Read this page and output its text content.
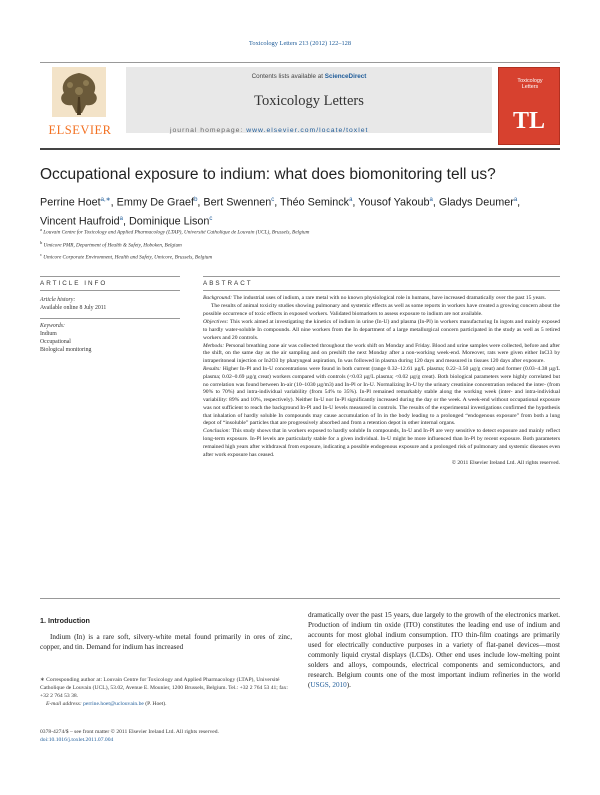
Toxicology Letters 213 (2012) 122–128
ELSEVIER
Contents lists available at ScienceDirect
Toxicology Letters
journal homepage: www.elsevier.com/locate/toxlet
Toxicology
Letters
TL
Occupational exposure to indium: what does biomonitoring tell us?
Perrine Hoet$^{a,∗}$, Emmy De Graef$^b$, Bert Swennen$^c$, Théo Seminck$^a$, Yousof Yakoub$^a$, Gladys Deumer$^a$,
Vincent Haufroid$^a$, Dominique Lison$^c$
$^a$ Louvain Centre for Toxicology and Applied Pharmacology (LTAP), Université Catholique de Louvain (UCL), Brussels, Belgium
$^b$ Umicore PMR, Department of Health & Safety, Hoboken, Belgium
$^c$ Umicore Corporate Environment, Health and Safety, Umicore, Brussels, Belgium
ARTICLE INFO	ABSTRACT
Article history:
Available online 8 July 2011
Keywords:
Indium
Occupational
Biological monitoring

Background: The industrial uses of indium, a rare metal with no known physiological role in humans, have increased dramatically over the past 15 years.

The results of animal toxicity studies showing pulmonary and systemic effects as well as some reports in workers have created a growing concern about the possible occurrence of toxic effects in exposed workers. Validated biomarkers to assess exposure to indium are not available.

Objectives: This work aimed at investigating the kinetics of indium in urine (In-U) and plasma (In-Pl) in workers manufacturing In ingots and mainly exposed to hardly water-soluble In compounds. All nine workers from the In department of a large metallurgical concern participated in the study as well as 5 retired workers and 20 controls.

Methods: Personal breathing zone air was collected throughout the work shift on Monday and Friday. Blood and urine samples were collected, before and after the shift, on the same day as the air sampling and on preshift the next Monday after a non-working week-end. Moreover, rats were given either InCl3 by intraperitoneal injection or In2O3 by pharyngeal aspiration, In was followed in plasma during 120 days and measured in tissues 120 days after exposure.

Results: Higher In-Pl and In-U concentrations were found in both current (range 0.32–12.61 µg/L plasma; 0.22–3.50 µg/g creat) and former (0.03–4.38 µg/L plasma; 0.02–0.69 µg/g creat) workers compared with controls (<0.03 µg/L plasma; <0.02 µg/g creat). Both biological parameters were highly correlated but no correlation was found between In-air (10–1030 µg/m3) and In-Pl or In-U. Normalizing In-U by the urinary creatinine concentration reduced the inter- (from 90% to 70%) and intra-individual variability (from 54% to 35%). In-Pl remained remarkably stable along the working week (inter- and intra-individual variability: 89% and 10%, respectively). Neither In-U nor In-Pl significantly increased during the day or the week. A week-end without occupational exposure was not sufficient to reach the background In-Pl and In-U levels measured in controls. The results of the experimental investigations confirmed the hypothesis that inhalation of hardly soluble In compounds may cause accumulation of In in the body leading to a prolonged “endogenous exposure” from both a lung depot of “insoluble” particles that are progressively absorbed and from a retention depot in other internal organs.

Conclusion: This study shows that in workers exposed to hardly soluble In compounds, In-U and In-Pl are very sensitive to detect exposure and mainly reflect long-term exposure. In-Pl levels are particularly stable for a given individual. In-U might be more influenced than In-Pl by recent exposure. Both parameters remained high years after withdrawal from exposure, indicating a possible endogenous exposure and a prolonged risk of pulmonary and systemic diseases even after work exposure has ceased.

© 2011 Elsevier Ireland Ltd. All rights reserved.

1. Introduction
Indium (In) is a rare soft, silvery-white metal found primarily in ores of zinc, copper, and tin. Demand for indium has increased
dramatically over the past 15 years, due largely to the growth of the electronics market. Production of indium tin oxide (ITO) constitutes the leading end use of indium and accounts for most global indium consumption. ITO thin-film coatings are primarily used for electrically conductive purposes in a variety of flat-panel devices—most commonly liquid crystal displays (LCDs). Other end uses include low-melting point solders and alloys, compounds, electrical components and semiconductors, and research. Belgium counts one of the most important indium refineries in the world (USGS, 2010).
∗ Corresponding author at: Louvain Centre for Toxicology and Applied Pharmacology (LTAP), Université Catholique de Louvain (UCL), 53.02, Avenue E. Mounier, 1200 Brussels, Belgium. Tel.: +32 2 764 53 41; fax: +32 2 764 53 38.
E-mail address: perrine.hoet@uclouvain.be (P. Hoet).
0378-4274/$ – see front matter © 2011 Elsevier Ireland Ltd. All rights reserved.
doi:10.1016/j.toxlet.2011.07.004
